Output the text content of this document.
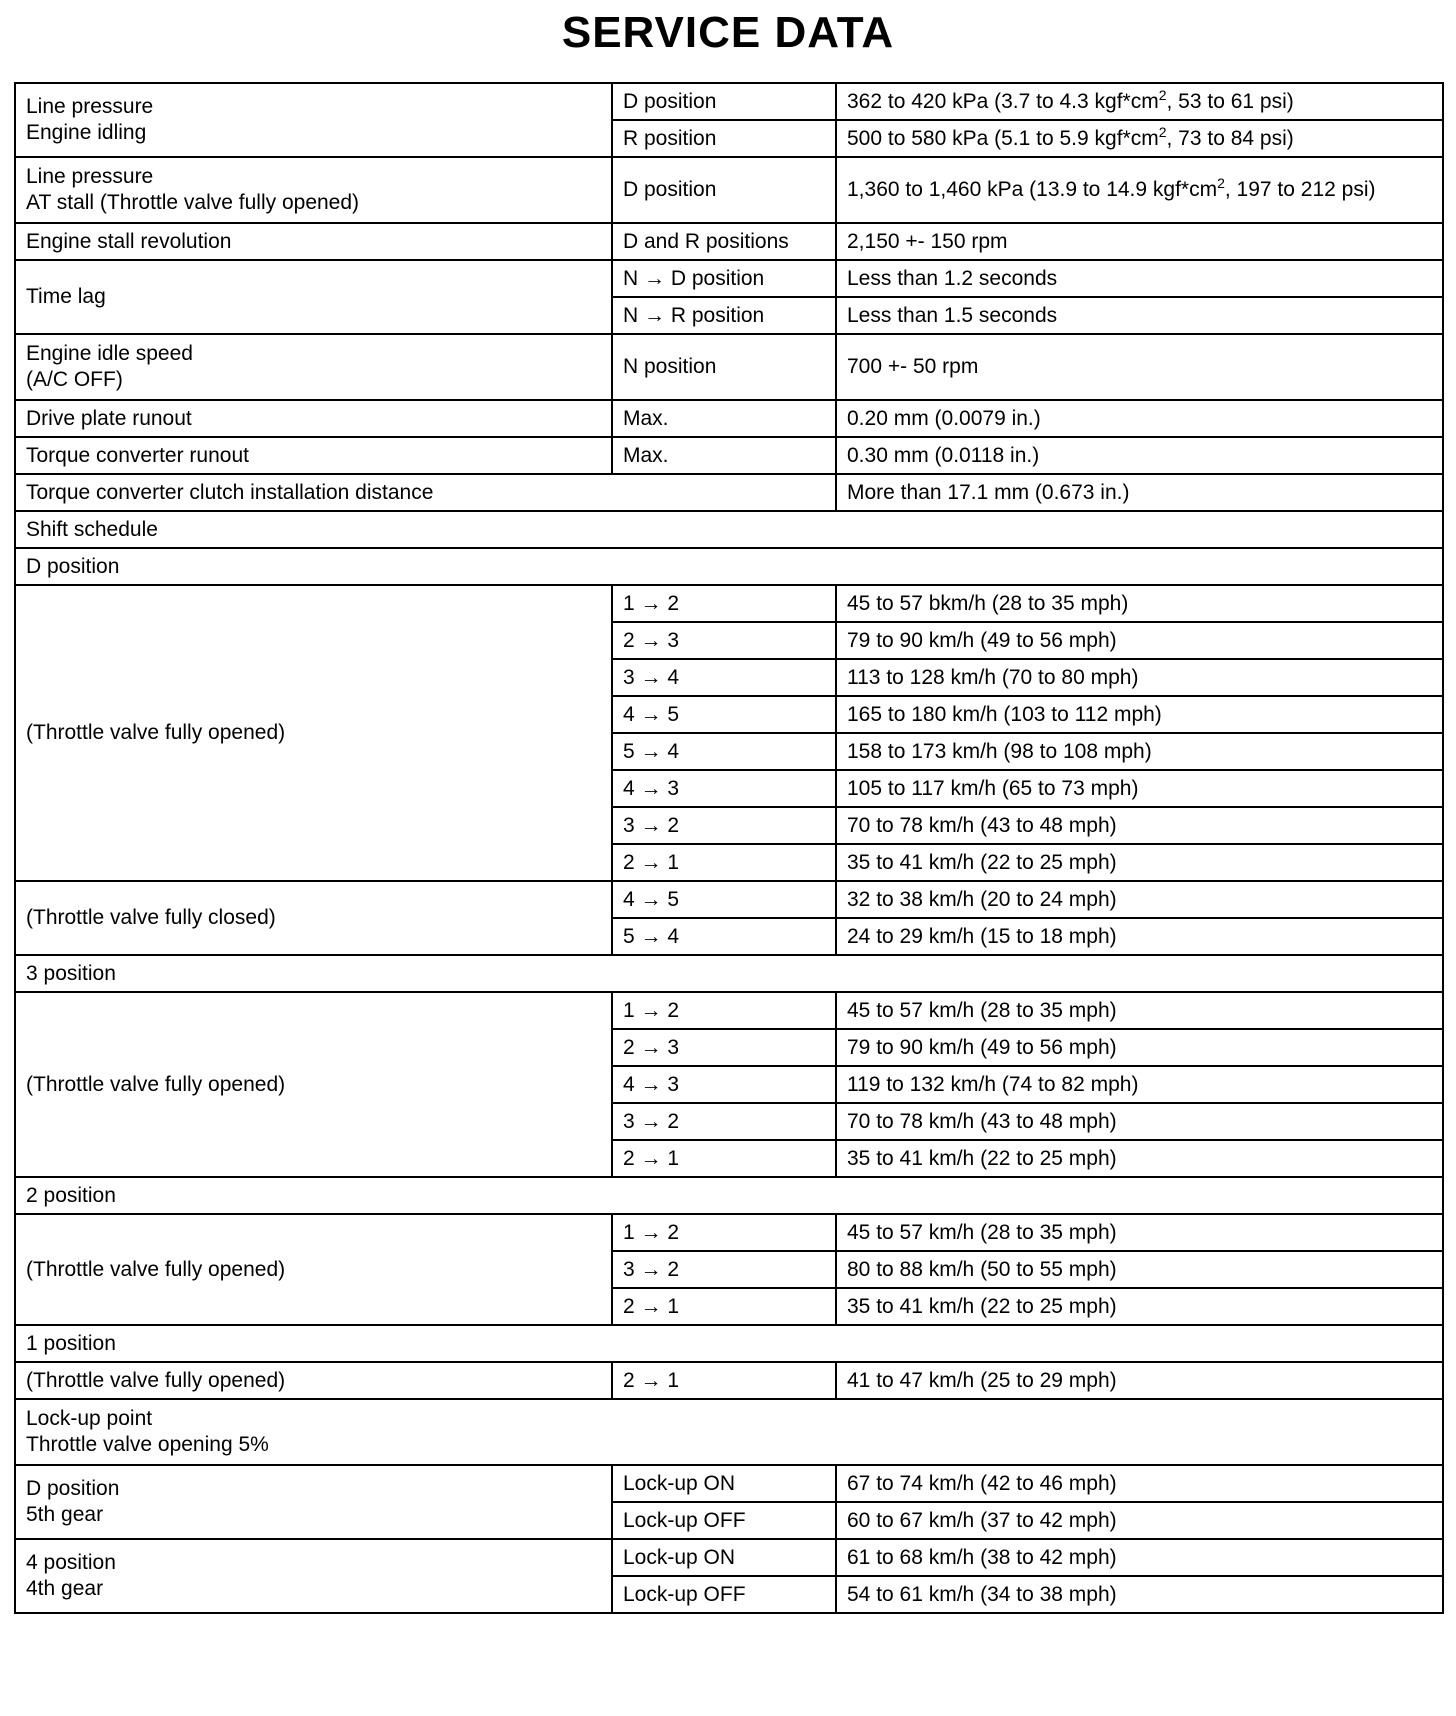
SERVICE DATA
Line pressure
Engine idling	D position	362 to 420 kPa (3.7 to 4.3 $kgf*cm^2$, 53 to 61 psi)
	R position	500 to 580 kPa (5.1 to 5.9 $kgf*cm^2$, 73 to 84 psi)

Line pressure
AT stall (Throttle valve fully opened)	D position	1,360 to 1,460 kPa (13.9 to 14.9 $kgf*cm^2$, 197 to 212 psi)
Engine stall revolution	D and R positions	2,150 +- 150 rpm
Time lag	N → D position	Less than 1.2 seconds
	N → R position	Less than 1.5 seconds

Engine idle speed
(A/C OFF)	N position	700 +- 50 rpm
Drive plate runout	Max.	0.20 mm (0.0079 in.)
Torque converter runout	Max.	0.30 mm (0.0118 in.)
Torque converter clutch installation distance		More than 17.1 mm (0.673 in.)
Shift schedule		
D position		
(Throttle valve fully opened)	1 → 2	45 to 57 bkm/h (28 to 35 mph)
	2 → 3	79 to 90 km/h (49 to 56 mph)
	3 → 4	113 to 128 km/h (70 to 80 mph)
	4 → 5	165 to 180 km/h (103 to 112 mph)
	5 → 4	158 to 173 km/h (98 to 108 mph)
	4 → 3	105 to 117 km/h (65 to 73 mph)
	3 → 2	70 to 78 km/h (43 to 48 mph)
	2 → 1	35 to 41 km/h (22 to 25 mph)
(Throttle valve fully closed)	4 → 5	32 to 38 km/h (20 to 24 mph)
	5 → 4	24 to 29 km/h (15 to 18 mph)
3 position		
(Throttle valve fully opened)	1 → 2	45 to 57 km/h (28 to 35 mph)
	2 → 3	79 to 90 km/h (49 to 56 mph)
	4 → 3	119 to 132 km/h (74 to 82 mph)
	3 → 2	70 to 78 km/h (43 to 48 mph)
	2 → 1	35 to 41 km/h (22 to 25 mph)
2 position		
(Throttle valve fully opened)	1 → 2	45 to 57 km/h (28 to 35 mph)
	3 → 2	80 to 88 km/h (50 to 55 mph)
	2 → 1	35 to 41 km/h (22 to 25 mph)
1 position		
(Throttle valve fully opened)	2 → 1	41 to 47 km/h (25 to 29 mph)

Lock-up point
Throttle valve opening 5%		

D position
5th gear	Lock-up ON	67 to 74 km/h (42 to 46 mph)
	Lock-up OFF	60 to 67 km/h (37 to 42 mph)

4 position
4th gear	Lock-up ON	61 to 68 km/h (38 to 42 mph)
	Lock-up OFF	54 to 61 km/h (34 to 38 mph)
